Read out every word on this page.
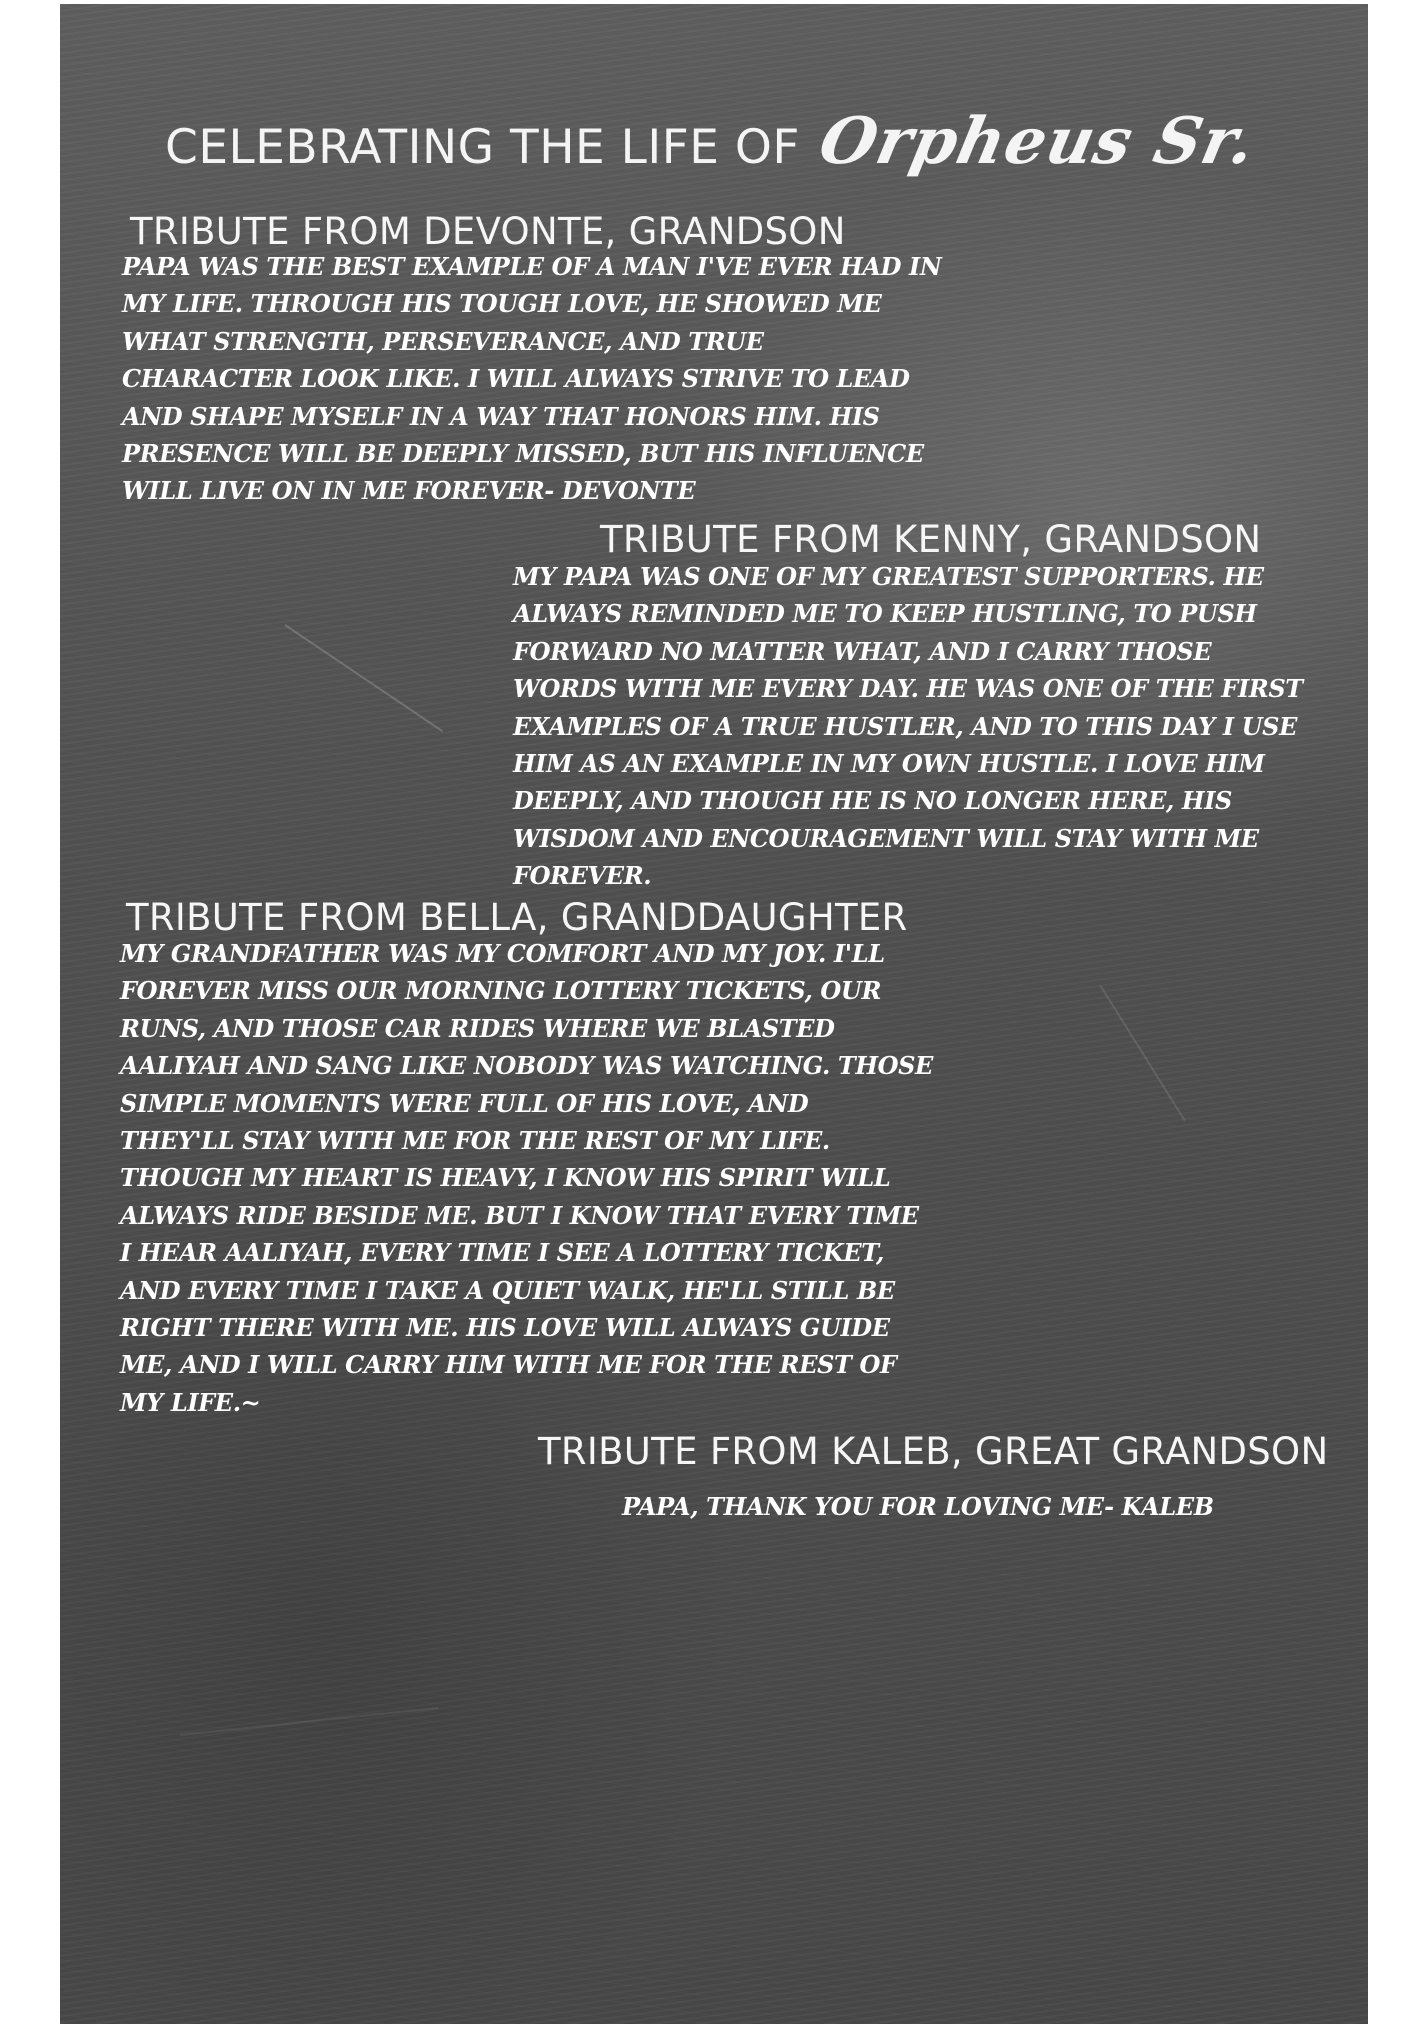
CELEBRATING THE LIFE OF Orpheus Sr.
TRIBUTE FROM DEVONTE, GRANDSON
PAPA WAS THE BEST EXAMPLE OF A MAN I'VE EVER HAD IN
MY LIFE. THROUGH HIS TOUGH LOVE, HE SHOWED ME
WHAT STRENGTH, PERSEVERANCE, AND TRUE
CHARACTER LOOK LIKE. I WILL ALWAYS STRIVE TO LEAD
AND SHAPE MYSELF IN A WAY THAT HONORS HIM. HIS
PRESENCE WILL BE DEEPLY MISSED, BUT HIS INFLUENCE
WILL LIVE ON IN ME FOREVER- DEVONTE
TRIBUTE FROM KENNY, GRANDSON
MY PAPA WAS ONE OF MY GREATEST SUPPORTERS. HE
ALWAYS REMINDED ME TO KEEP HUSTLING, TO PUSH
FORWARD NO MATTER WHAT, AND I CARRY THOSE
WORDS WITH ME EVERY DAY. HE WAS ONE OF THE FIRST
EXAMPLES OF A TRUE HUSTLER, AND TO THIS DAY I USE
HIM AS AN EXAMPLE IN MY OWN HUSTLE. I LOVE HIM
DEEPLY, AND THOUGH HE IS NO LONGER HERE, HIS
WISDOM AND ENCOURAGEMENT WILL STAY WITH ME
FOREVER.
TRIBUTE FROM BELLA, GRANDDAUGHTER
MY GRANDFATHER WAS MY COMFORT AND MY JOY. I'LL
FOREVER MISS OUR MORNING LOTTERY TICKETS, OUR
RUNS, AND THOSE CAR RIDES WHERE WE BLASTED
AALIYAH AND SANG LIKE NOBODY WAS WATCHING. THOSE
SIMPLE MOMENTS WERE FULL OF HIS LOVE, AND
THEY'LL STAY WITH ME FOR THE REST OF MY LIFE.
THOUGH MY HEART IS HEAVY, I KNOW HIS SPIRIT WILL
ALWAYS RIDE BESIDE ME. BUT I KNOW THAT EVERY TIME
I HEAR AALIYAH, EVERY TIME I SEE A LOTTERY TICKET,
AND EVERY TIME I TAKE A QUIET WALK, HE'LL STILL BE
RIGHT THERE WITH ME. HIS LOVE WILL ALWAYS GUIDE
ME, AND I WILL CARRY HIM WITH ME FOR THE REST OF
MY LIFE.~
TRIBUTE FROM KALEB, GREAT GRANDSON
PAPA, THANK YOU FOR LOVING ME- KALEB
